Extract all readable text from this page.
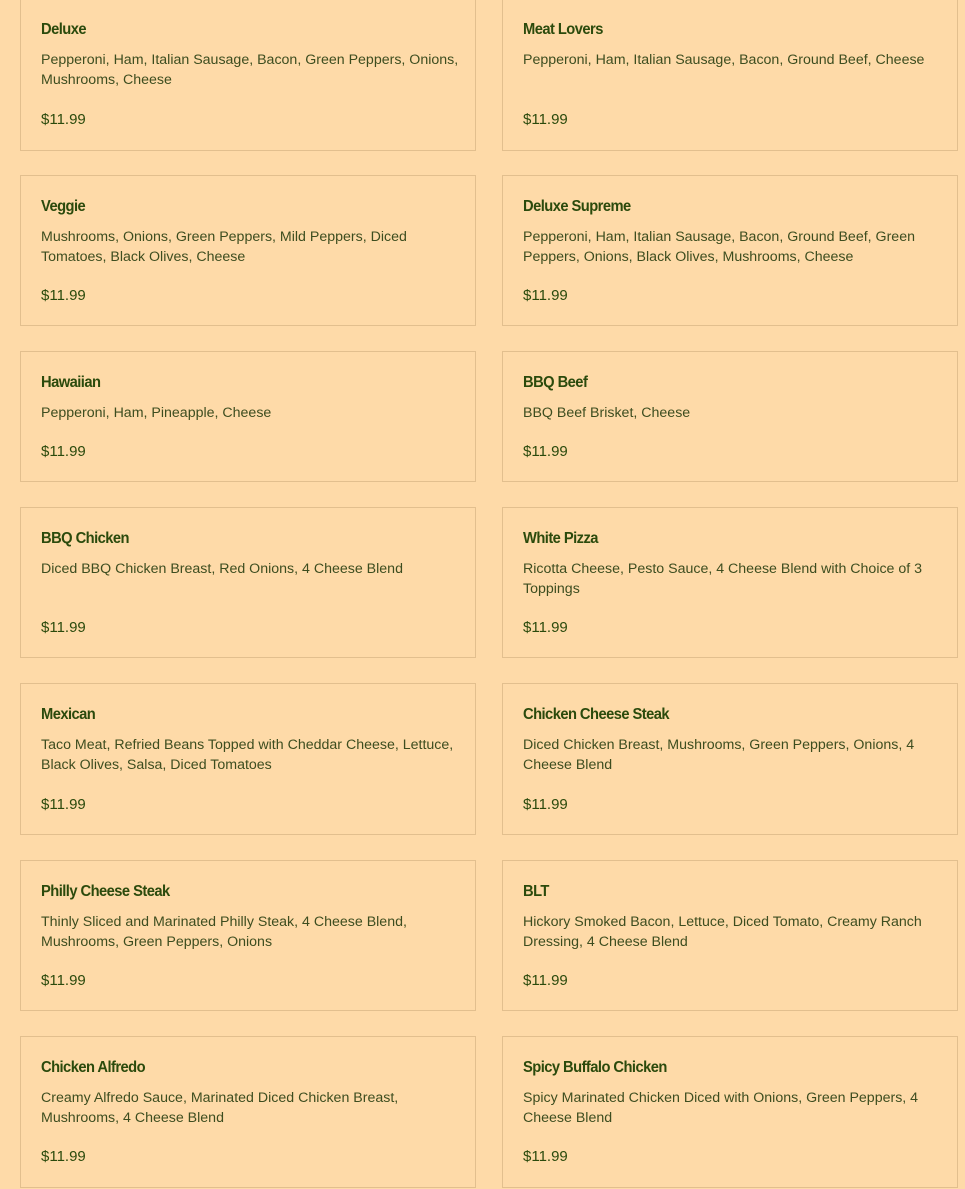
Deluxe

Pepperoni, Ham, Italian Sausage, Bacon, Green Peppers, Onions, Mushrooms, Cheese

$11.99

Meat Lovers

Pepperoni, Ham, Italian Sausage, Bacon, Ground Beef, Cheese

$11.99

Veggie

Mushrooms, Onions, Green Peppers, Mild Peppers, Diced Tomatoes, Black Olives, Cheese

$11.99

Deluxe Supreme

Pepperoni, Ham, Italian Sausage, Bacon, Ground Beef, Green Peppers, Onions, Black Olives, Mushrooms, Cheese

$11.99

Hawaiian

Pepperoni, Ham, Pineapple, Cheese

$11.99

BBQ Beef

BBQ Beef Brisket, Cheese

$11.99

BBQ Chicken

Diced BBQ Chicken Breast, Red Onions, 4 Cheese Blend

$11.99

White Pizza

Ricotta Cheese, Pesto Sauce, 4 Cheese Blend with Choice of 3 Toppings

$11.99

Mexican

Taco Meat, Refried Beans Topped with Cheddar Cheese, Lettuce, Black Olives, Salsa, Diced Tomatoes

$11.99

Chicken Cheese Steak

Diced Chicken Breast, Mushrooms, Green Peppers, Onions, 4 Cheese Blend

$11.99

Philly Cheese Steak

Thinly Sliced and Marinated Philly Steak, 4 Cheese Blend, Mushrooms, Green Peppers, Onions

$11.99

BLT

Hickory Smoked Bacon, Lettuce, Diced Tomato, Creamy Ranch Dressing, 4 Cheese Blend

$11.99

Chicken Alfredo

Creamy Alfredo Sauce, Marinated Diced Chicken Breast, Mushrooms, 4 Cheese Blend

$11.99

Spicy Buffalo Chicken

Spicy Marinated Chicken Diced with Onions, Green Peppers, 4 Cheese Blend

$11.99
